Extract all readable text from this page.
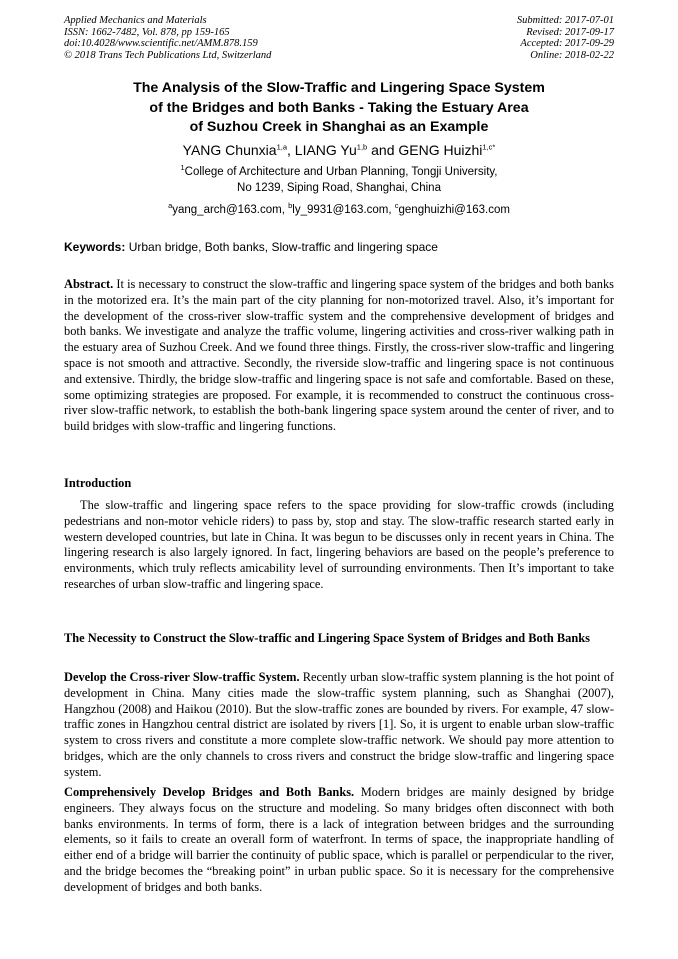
Applied Mechanics and Materials
ISSN: 1662-7482, Vol. 878, pp 159-165
doi:10.4028/www.scientific.net/AMM.878.159
© 2018 Trans Tech Publications Ltd, Switzerland
Submitted: 2017-07-01
Revised: 2017-09-17
Accepted: 2017-09-29
Online: 2018-02-22
The Analysis of the Slow-Traffic and Lingering Space System
of the Bridges and both Banks - Taking the Estuary Area
of Suzhou Creek in Shanghai as an Example
YANG Chunxia$^{1,a}$, LIANG Yu$^{1,b}$ and GENG Huizhi$^{1,c*}$
$^1$College of Architecture and Urban Planning, Tongji University,
No 1239, Siping Road, Shanghai, China
$^a$yang_arch@163.com, $^b$ly_9931@163.com, $^c$genghuizhi@163.com
Keywords: Urban bridge, Both banks, Slow-traffic and lingering space

Abstract. It is necessary to construct the slow-traffic and lingering space system of the bridges and both banks in the motorized era. It’s the main part of the city planning for non-motorized travel. Also, it’s important for the development of the cross-river slow-traffic system and the comprehensive development of bridges and both banks. We investigate and analyze the traffic volume, lingering activities and cross-river walking path in the estuary area of Suzhou Creek. And we found three things. Firstly, the cross-river slow-traffic and lingering space is not smooth and attractive. Secondly, the riverside slow-traffic and lingering space is not continuous and extensive. Thirdly, the bridge slow-traffic and lingering space is not safe and comfortable. Based on these, some optimizing strategies are proposed. For example, it is recommended to construct the continuous cross-river slow-traffic network, to establish the both-bank lingering space system around the center of river, and to build bridges with slow-traffic and lingering functions.

Introduction

The slow-traffic and lingering space refers to the space providing for slow-traffic crowds (including pedestrians and non-motor vehicle riders) to pass by, stop and stay. The slow-traffic research started early in western developed countries, but late in China. It was begun to be discusses only in recent years in China. The lingering research is also largely ignored. In fact, lingering behaviors are based on the people’s preference to environments, which truly reflects amicability level of surrounding environments. Then It’s important to take researches of urban slow-traffic and lingering space.

The Necessity to Construct the Slow-traffic and Lingering Space System of Bridges and Both Banks

Develop the Cross-river Slow-traffic System. Recently urban slow-traffic system planning is the hot point of development in China. Many cities made the slow-traffic system planning, such as Shanghai (2007), Hangzhou (2008) and Haikou (2010). But the slow-traffic zones are bounded by rivers. For example, 47 slow-traffic zones in Hangzhou central district are isolated by rivers [1]. So, it is urgent to enable urban slow-traffic system to cross rivers and constitute a more complete slow-traffic network. We should pay more attention to bridges, which are the only channels to cross rivers and construct the bridge slow-traffic and lingering space system.

Comprehensively Develop Bridges and Both Banks. Modern bridges are mainly designed by bridge engineers. They always focus on the structure and modeling. So many bridges often disconnect with both banks environments. In terms of form, there is a lack of integration between bridges and the surrounding elements, so it fails to create an overall form of waterfront. In terms of space, the inappropriate handling of either end of a bridge will barrier the continuity of public space, which is parallel or perpendicular to the river, and the bridge becomes the “breaking point” in urban public space. So it is necessary for the comprehensive development of bridges and both banks.
